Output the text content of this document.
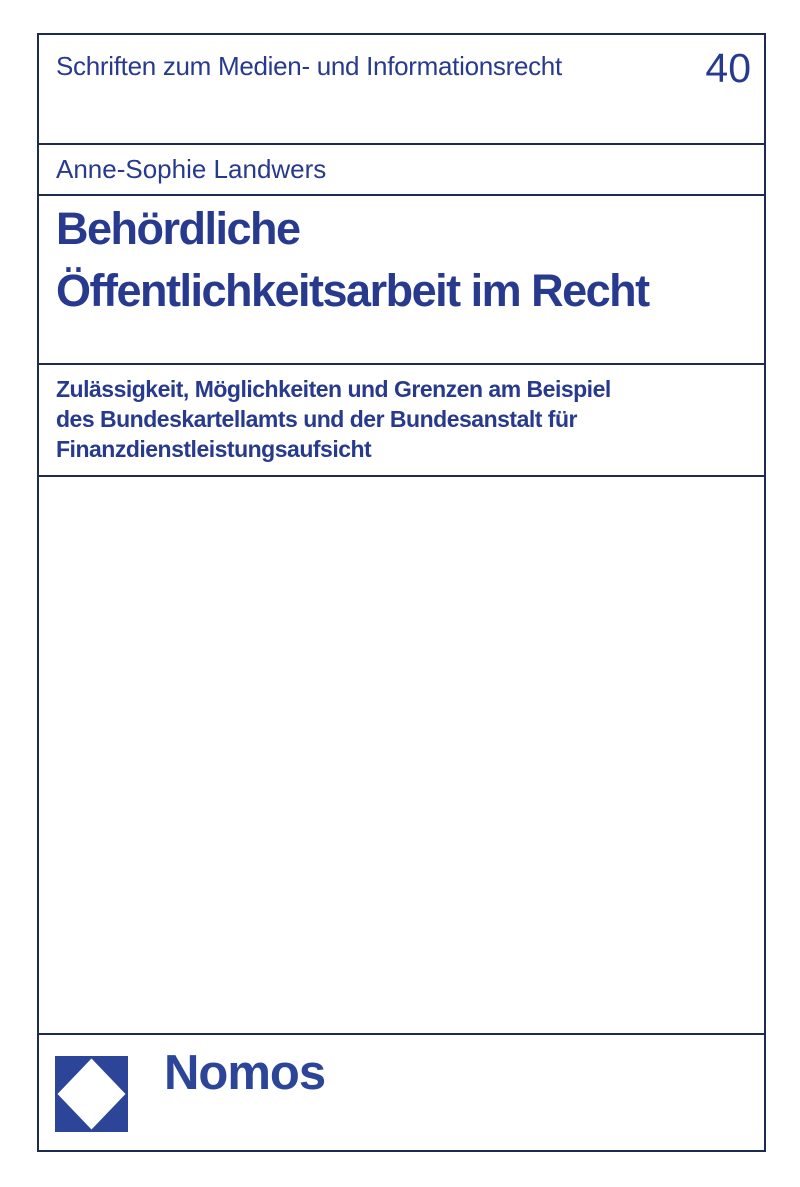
Schriften zum Medien- und Informationsrecht	40
Anne-Sophie Landwers
Behördliche
Öffentlichkeitsarbeit im Recht
Zulässigkeit, Möglichkeiten und Grenzen am Beispiel
des Bundeskartellamts und der Bundesanstalt für
Finanzdienstleistungsaufsicht
Nomos
